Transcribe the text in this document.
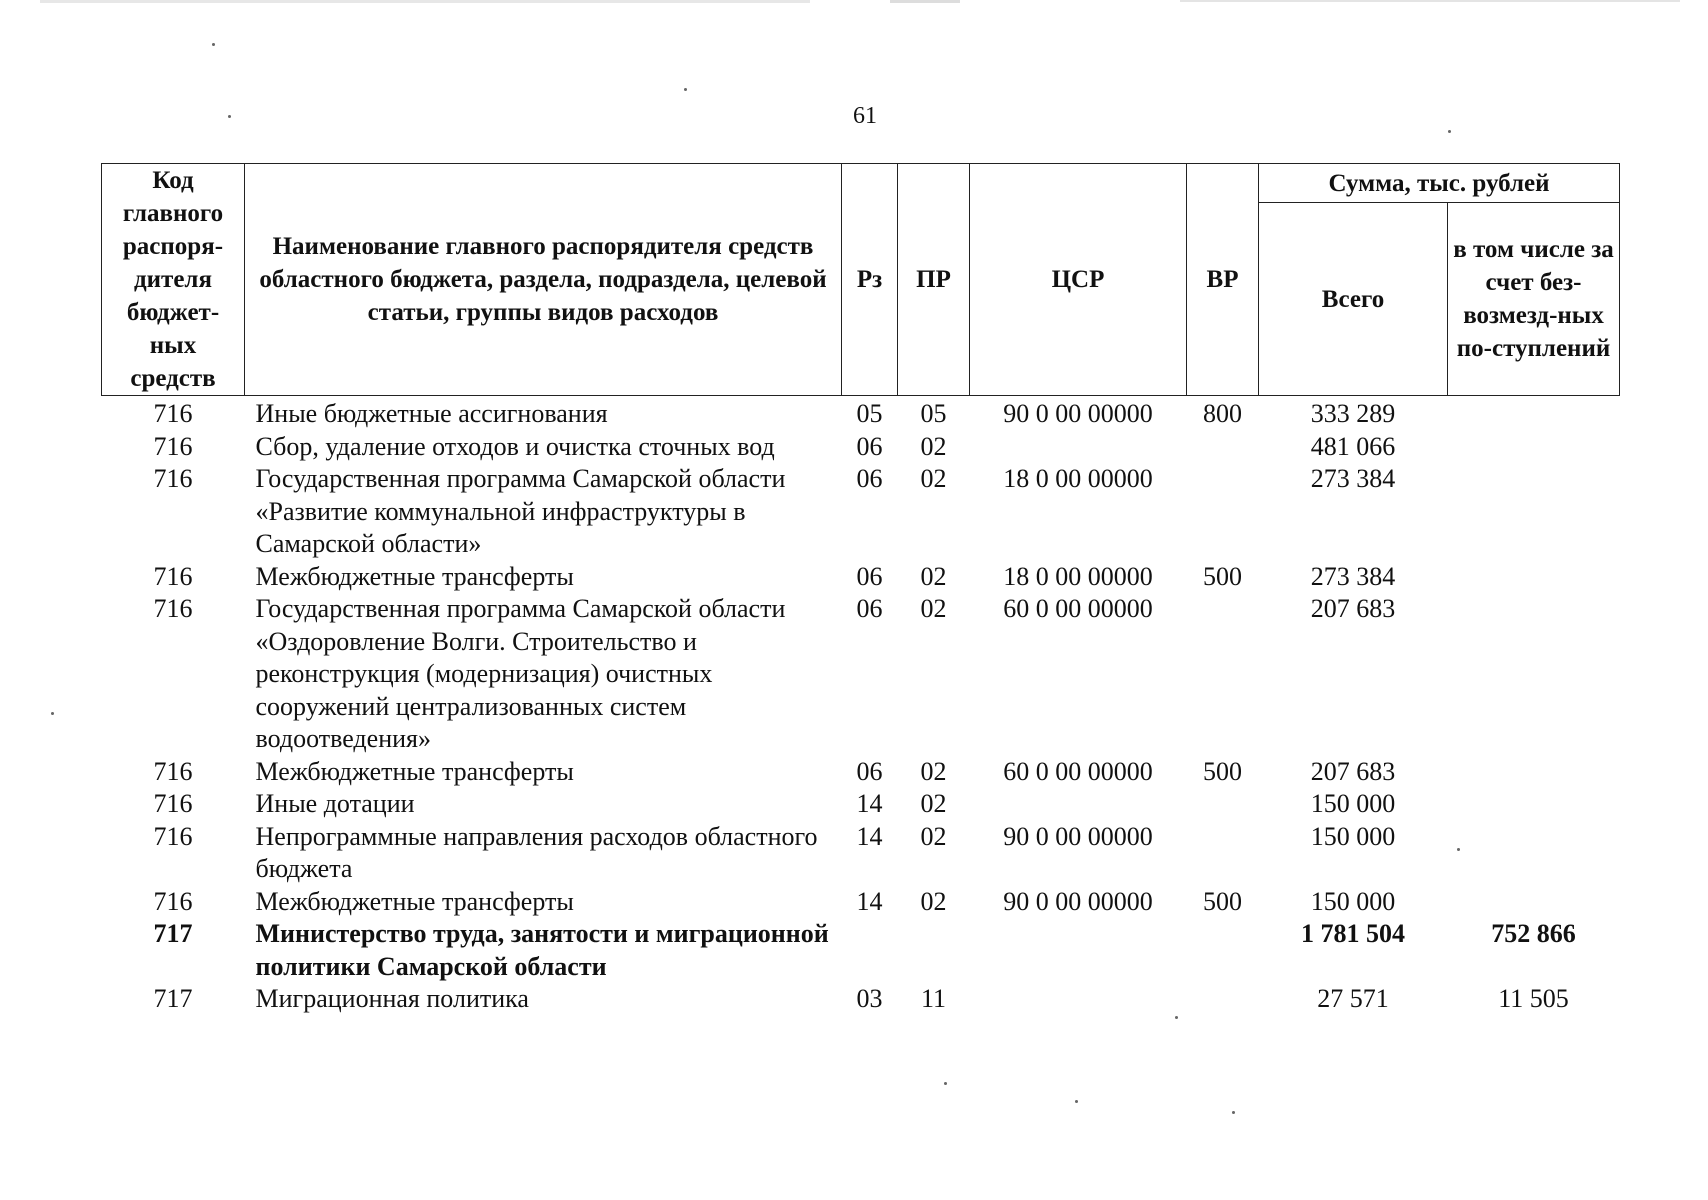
61
Код главного распоря-дителя бюджет-ных средств	Наименование главного распорядителя средств областного бюджета, раздела, подраздела, целевой статьи, группы видов расходов	Рз	ПР	ЦСР	ВР	Сумма, тыс. рублей	
						Всего	в том числе за счет без-возмезд-ных по-ступлений
716	Иные бюджетные ассигнования	05	05	90 0 00 00000	800	333 289	
716	Сбор, удаление отходов и очистка сточных вод	06	02			481 066	
716	Государственная программа Самарской области «Развитие коммунальной инфраструктуры в Самарской области»	06	02	18 0 00 00000		273 384	
716	Межбюджетные трансферты	06	02	18 0 00 00000	500	273 384	
716	Государственная программа Самарской области «Оздоровление Волги. Строительство и реконструкция (модернизация) очистных сооружений централизованных систем водоотведения»	06	02	60 0 00 00000		207 683	
716	Межбюджетные трансферты	06	02	60 0 00 00000	500	207 683	
716	Иные дотации	14	02			150 000	
716	Непрограммные направления расходов областного бюджета	14	02	90 0 00 00000		150 000	
716	Межбюджетные трансферты	14	02	90 0 00 00000	500	150 000	
717	Министерство труда, занятости и миграционной политики Самарской области					1 781 504	752 866
717	Миграционная политика	03	11			27 571	11 505
